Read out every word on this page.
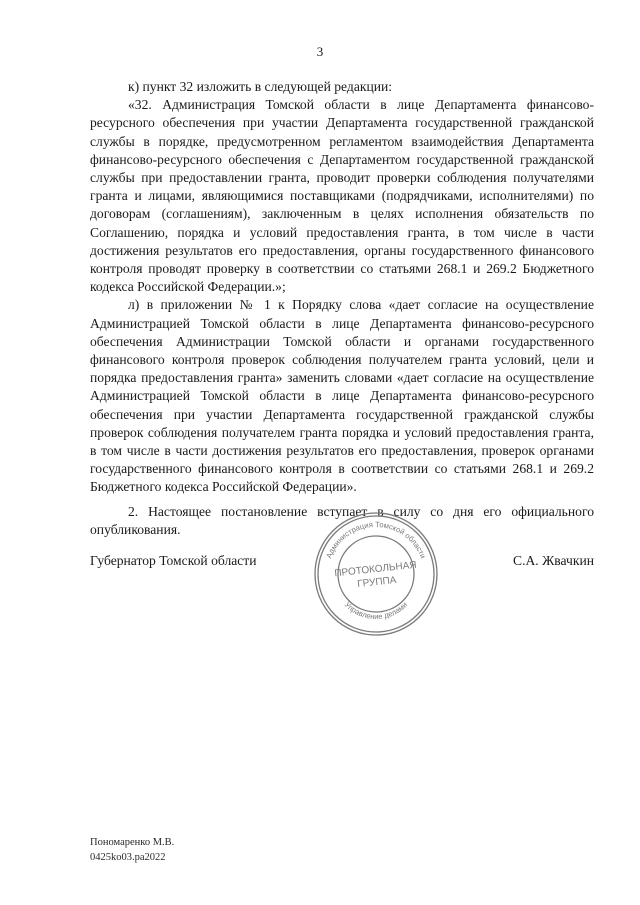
3

к) пункт 32 изложить в следующей редакции:

«32. Администрация Томской области в лице Департамента финансово-ресурсного обеспечения при участии Департамента государственной гражданской службы в порядке, предусмотренном регламентом взаимодействия Департамента финансово-ресурсного обеспечения с Департаментом государственной гражданской службы при предоставлении гранта, проводит проверки соблюдения получателями гранта и лицами, являющимися поставщиками (подрядчиками, исполнителями) по договорам (соглашениям), заключенным в целях исполнения обязательств по Соглашению, порядка и условий предоставления гранта, в том числе в части достижения результатов его предоставления, органы государственного финансового контроля проводят проверку в соответствии со статьями 268.1 и 269.2 Бюджетного кодекса Российской Федерации.»;

л) в приложении № 1 к Порядку слова «дает согласие на осуществление Администрацией Томской области в лице Департамента финансово-ресурсного обеспечения Администрации Томской области и органами государственного финансового контроля проверок соблюдения получателем гранта условий, цели и порядка предоставления гранта» заменить словами «дает согласие на осуществление Администрацией Томской области в лице Департамента финансово-ресурсного обеспечения при участии Департамента государственной гражданской службы проверок соблюдения получателем гранта порядка и условий предоставления гранта, в том числе в части достижения результатов его предоставления, проверок органами государственного финансового контроля в соответствии со статьями 268.1 и 269.2 Бюджетного кодекса Российской Федерации».

2. Настоящее постановление вступает в силу со дня его официального опубликования.

Губернатор Томской области	С.А. Жвачкин
Администрация Томской области
Управление делами
ПРОТОКОЛЬНАЯ
ГРУППА
Пономаренко М.В.
0425ko03.pa2022
